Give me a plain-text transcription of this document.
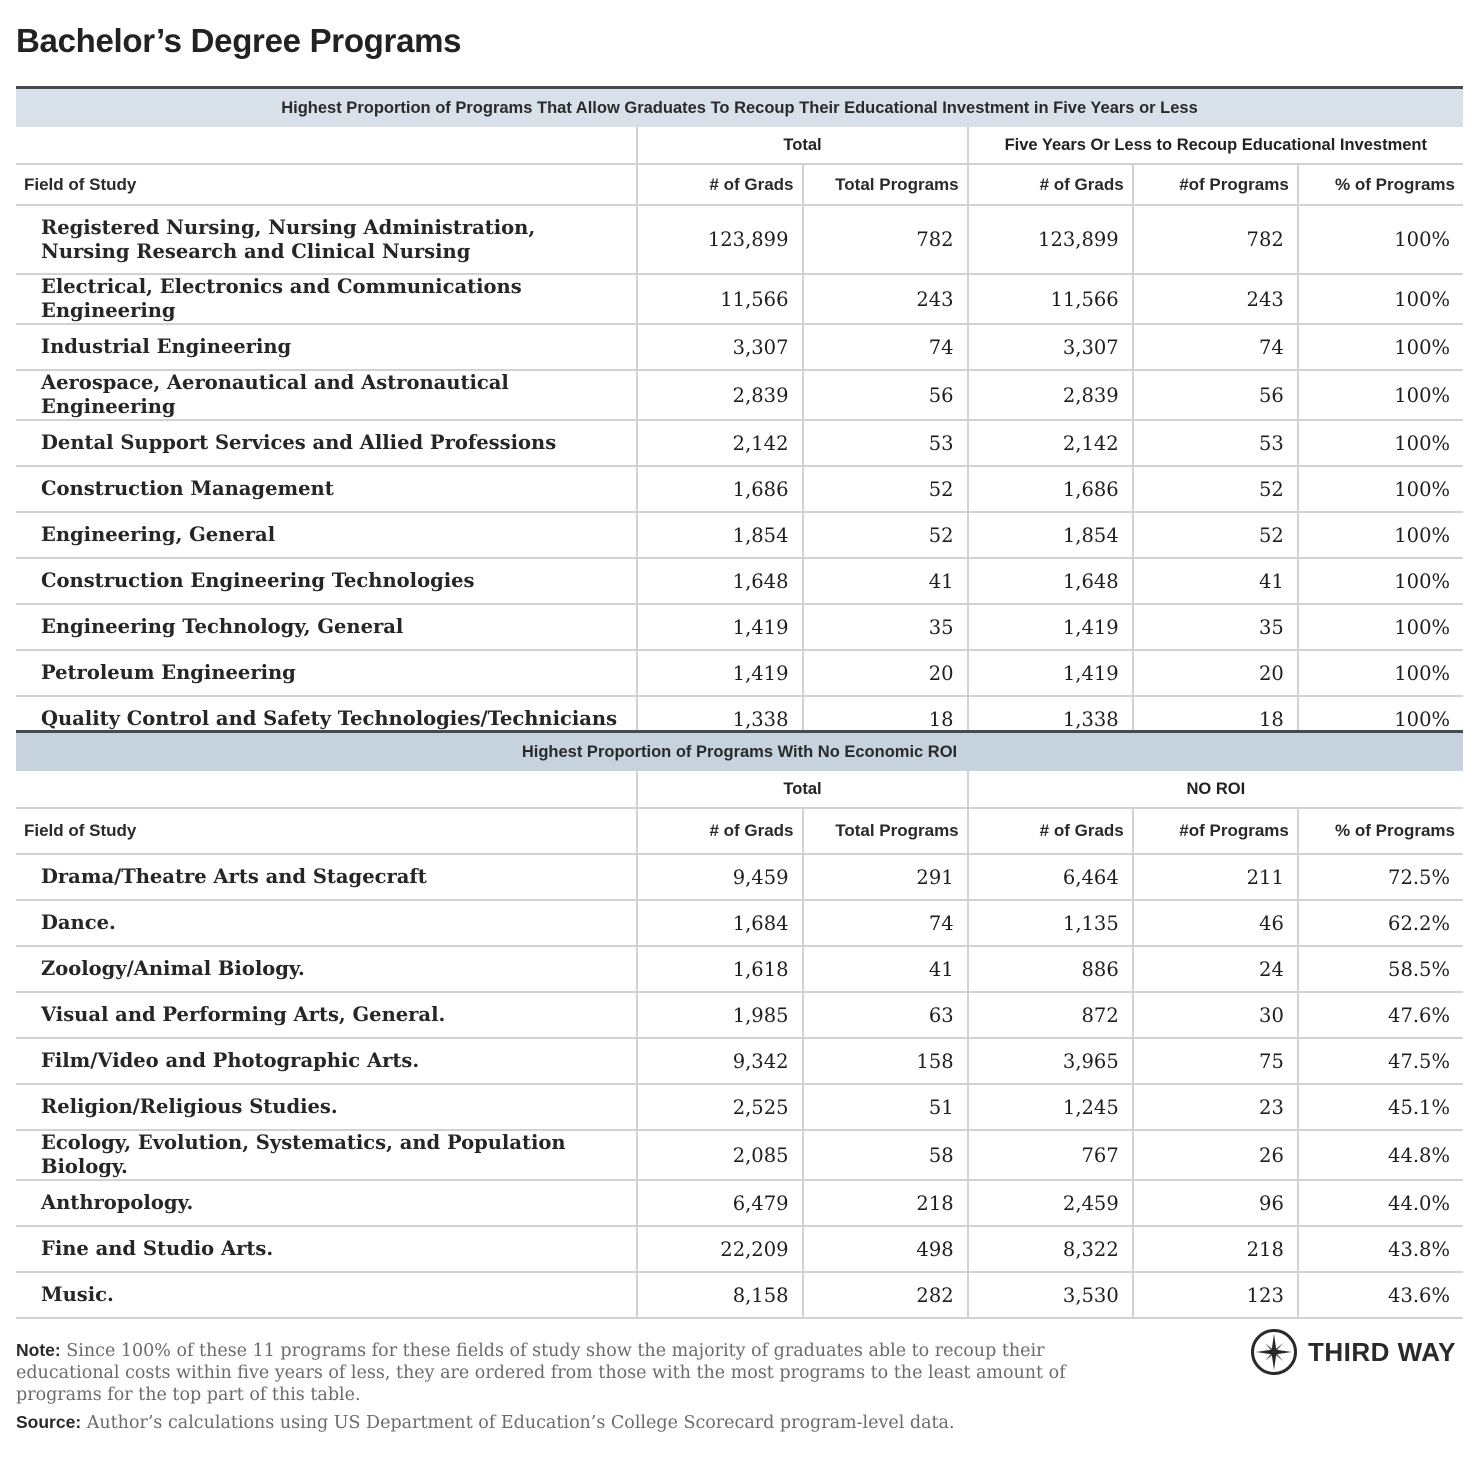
Bachelor’s Degree Programs
Highest Proportion of Programs That Allow Graduates To Recoup Their Educational Investment in Five Years or Less					
	Total		Five Years Or Less to Recoup Educational Investment		
Field of Study	# of Grads	Total Programs	# of Grads	#of Programs	% of Programs
Registered Nursing, Nursing Administration, Nursing Research and Clinical Nursing	123,899	782	123,899	782	100%
Electrical, Electronics and Communications Engineering	11,566	243	11,566	243	100%
Industrial Engineering	3,307	74	3,307	74	100%
Aerospace, Aeronautical and Astronautical Engineering	2,839	56	2,839	56	100%
Dental Support Services and Allied Professions	2,142	53	2,142	53	100%
Construction Management	1,686	52	1,686	52	100%
Engineering, General	1,854	52	1,854	52	100%
Construction Engineering Technologies	1,648	41	1,648	41	100%
Engineering Technology, General	1,419	35	1,419	35	100%
Petroleum Engineering	1,419	20	1,419	20	100%
Quality Control and Safety Technologies/Technicians	1,338	18	1,338	18	100%
Highest Proportion of Programs With No Economic ROI					
	Total		NO ROI		
Field of Study	# of Grads	Total Programs	# of Grads	#of Programs	% of Programs
Drama/Theatre Arts and Stagecraft	9,459	291	6,464	211	72.5%
Dance.	1,684	74	1,135	46	62.2%
Zoology/Animal Biology.	1,618	41	886	24	58.5%
Visual and Performing Arts, General.	1,985	63	872	30	47.6%
Film/Video and Photographic Arts.	9,342	158	3,965	75	47.5%
Religion/Religious Studies.	2,525	51	1,245	23	45.1%
Ecology, Evolution, Systematics, and Population Biology.	2,085	58	767	26	44.8%
Anthropology.	6,479	218	2,459	96	44.0%
Fine and Studio Arts.	22,209	498	8,322	218	43.8%
Music.	8,158	282	3,530	123	43.6%
Note: Since 100% of these 11 programs for these fields of study show the majority of graduates able to recoup their educational costs within five years of less, they are ordered from those with the most programs to the least amount of programs for the top part of this table.
Source: Author’s calculations using US Department of Education’s College Scorecard program-level data.
THIRD WAY
